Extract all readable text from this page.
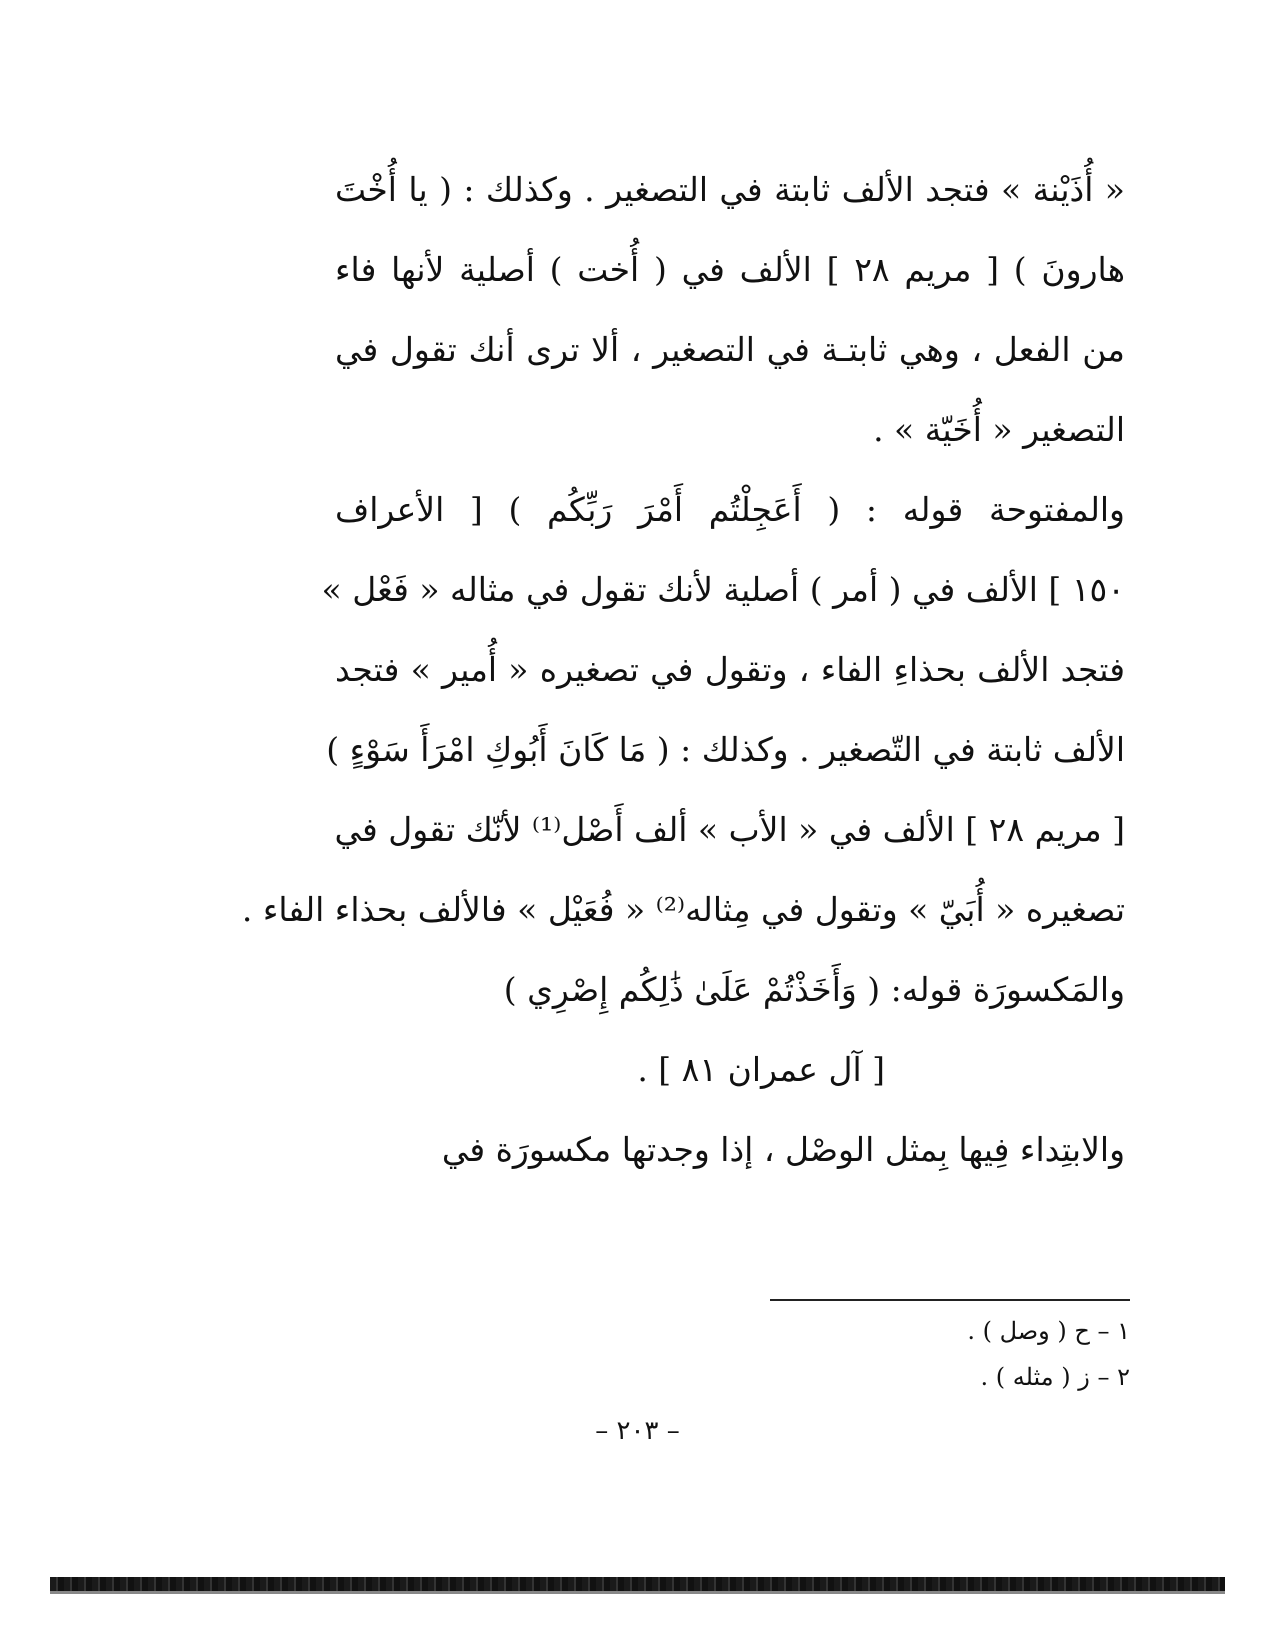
« أُذَيْنة » فتجد الألف ثابتة في التصغير . وكذلك : ( يا أُخْتَ
هارونَ ) [ مريم ٢٨ ] الألف في ( أُخت ) أصلية لأنها فاء
من الفعل ، وهي ثابتـة في التصغير ، ألا ترى أنك تقول في
التصغير « أُخَيّة » .
والمفتوحة قوله : ( أَعَجِلْتُم أَمْرَ رَبِّكُم ) [ الأعراف
١٥٠ ] الألف في ( أمر ) أصلية لأنك تقول في مثاله « فَعْل »
فتجد الألف بحذاءِ الفاء ، وتقول في تصغيره « أُمير » فتجد
الألف ثابتة في التّصغير . وكذلك : ( مَا كَانَ أَبُوكِ امْرَأَ سَوْءٍ )
[ مريم ٢٨ ] الألف في « الأب » ألف أَصْل⁽¹⁾ لأنّك تقول في
تصغيره « أُبَيّ » وتقول في مِثاله⁽²⁾ « فُعَيْل » فالألف بحذاء الفاء .
والمَكسورَة قوله: ( وَأَخَذْتُمْ عَلَىٰ ذَٰلِكُم إِصْرِي )
[ آل عمران ٨١ ] .
والابتِداء فِيها بِمثل الوصْل ، إذا وجدتها مكسورَة في
١ – ح ( وصل ) .
٢ – ز ( مثله ) .
– ٢٠٣ –
